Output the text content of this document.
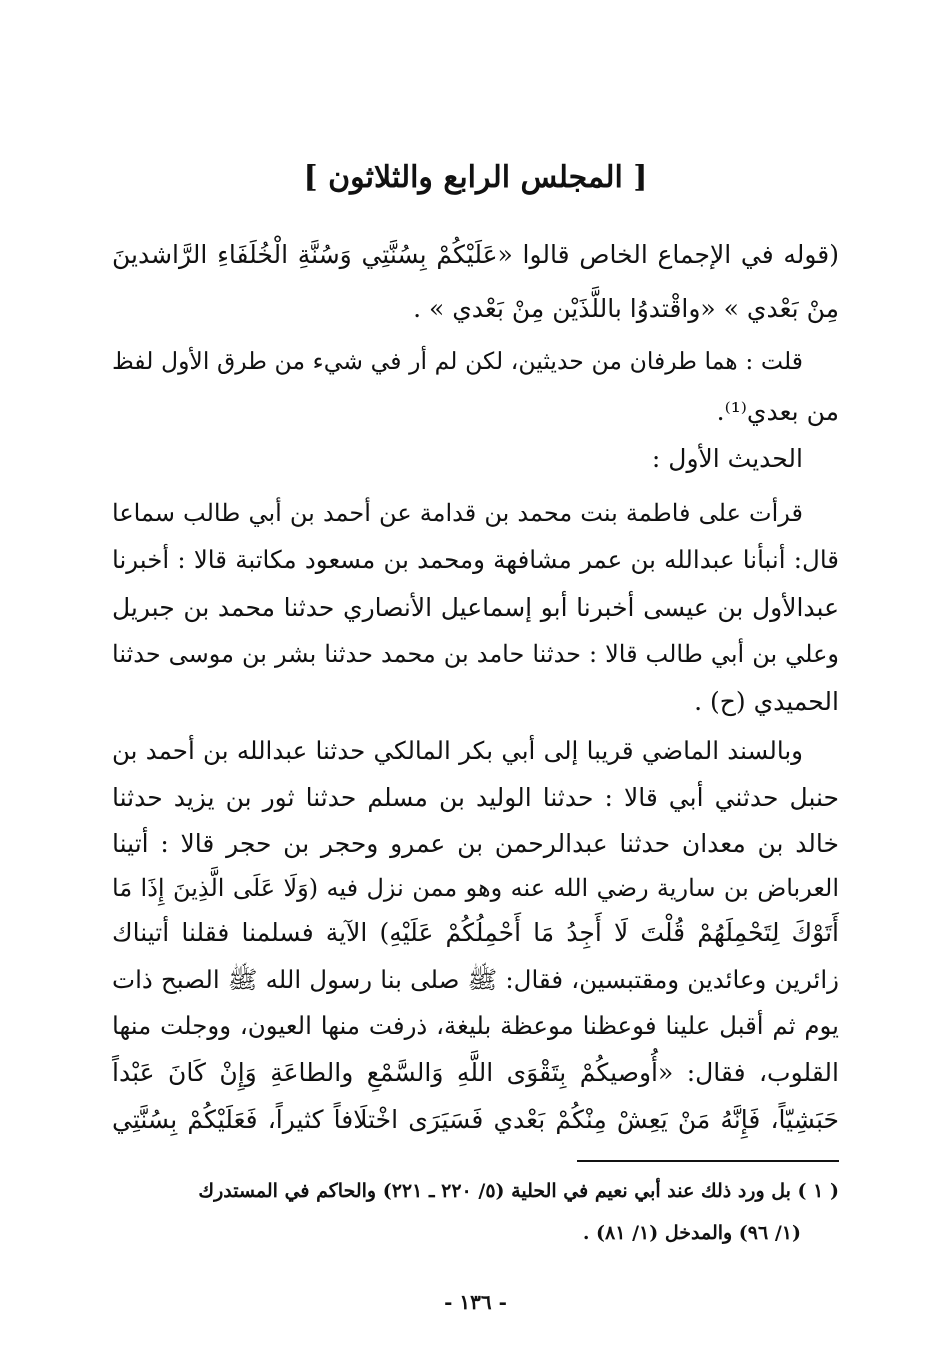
[ المجلس الرابع والثلاثون ]
(قوله في الإجماع الخاص قالوا «عَلَيْكُمْ بِسُنَّتِي وَسُنَّةِ الْخُلَفَاءِ الرَّاشدينَ
مِنْ بَعْدي » «واقْتدوُا باللَّذَيْن مِنْ بَعْدي » .
قلت : هما طرفان من حديثين، لكن لم أر في شيء من طرق الأول لفظ
من بعدي⁽¹⁾.
الحديث الأول :
قرأت على فاطمة بنت محمد بن قدامة عن أحمد بن أبي طالب سماعا
قال: أنبأنا عبدالله بن عمر مشافهة ومحمد بن مسعود مكاتبة قالا : أخبرنا
عبدالأول بن عيسى أخبرنا أبو إسماعيل الأنصاري حدثنا محمد بن جبريل
وعلي بن أبي طالب قالا : حدثنا حامد بن محمد حدثنا بشر بن موسى حدثنا
الحميدي (ح) .
وبالسند الماضي قريبا إلى أبي بكر المالكي حدثنا عبدالله بن أحمد بن
حنبل حدثني أبي قالا : حدثنا الوليد بن مسلم حدثنا ثور بن يزيد حدثنا
خالد بن معدان حدثنا عبدالرحمن بن عمرو وحجر بن حجر قالا : أتينا
العرباض بن سارية رضي الله عنه وهو ممن نزل فيه (وَلَا عَلَى الَّذِينَ إِذَا مَا
أَتَوْكَ لِتَحْمِلَهُمْ قُلْتَ لَا أَجِدُ مَا أَحْمِلُكُمْ عَلَيْهِ) الآية فسلمنا فقلنا أتيناك
زائرين وعائدين ومقتبسين، فقال: ﷺ صلى بنا رسول الله ﷺ الصبح ذات
يوم ثم أقبل علينا فوعظنا موعظة بليغة، ذرفت منها العيون، ووجلت منها
القلوب، فقال: «أُوصيكُمْ بِتَقْوَى اللَّهِ وَالسَّمْعِ والطاعَةِ وَإِنْ كَانَ عَبْداً
حَبَشِيّاً، فَإِنَّهُ مَنْ يَعِشْ مِنْكُمْ بَعْدي فَسَيَرَى اخْتلَافاً كثيراً، فَعَلَيْكُمْ بِسُنَّتِي
( ١ ) بل ورد ذلك عند أبي نعيم في الحلية (٥/ ٢٢٠ ـ ٢٢١) والحاكم في المستدرك
(١/ ٩٦) والمدخل (١/ ٨١) .
- ١٣٦ -
